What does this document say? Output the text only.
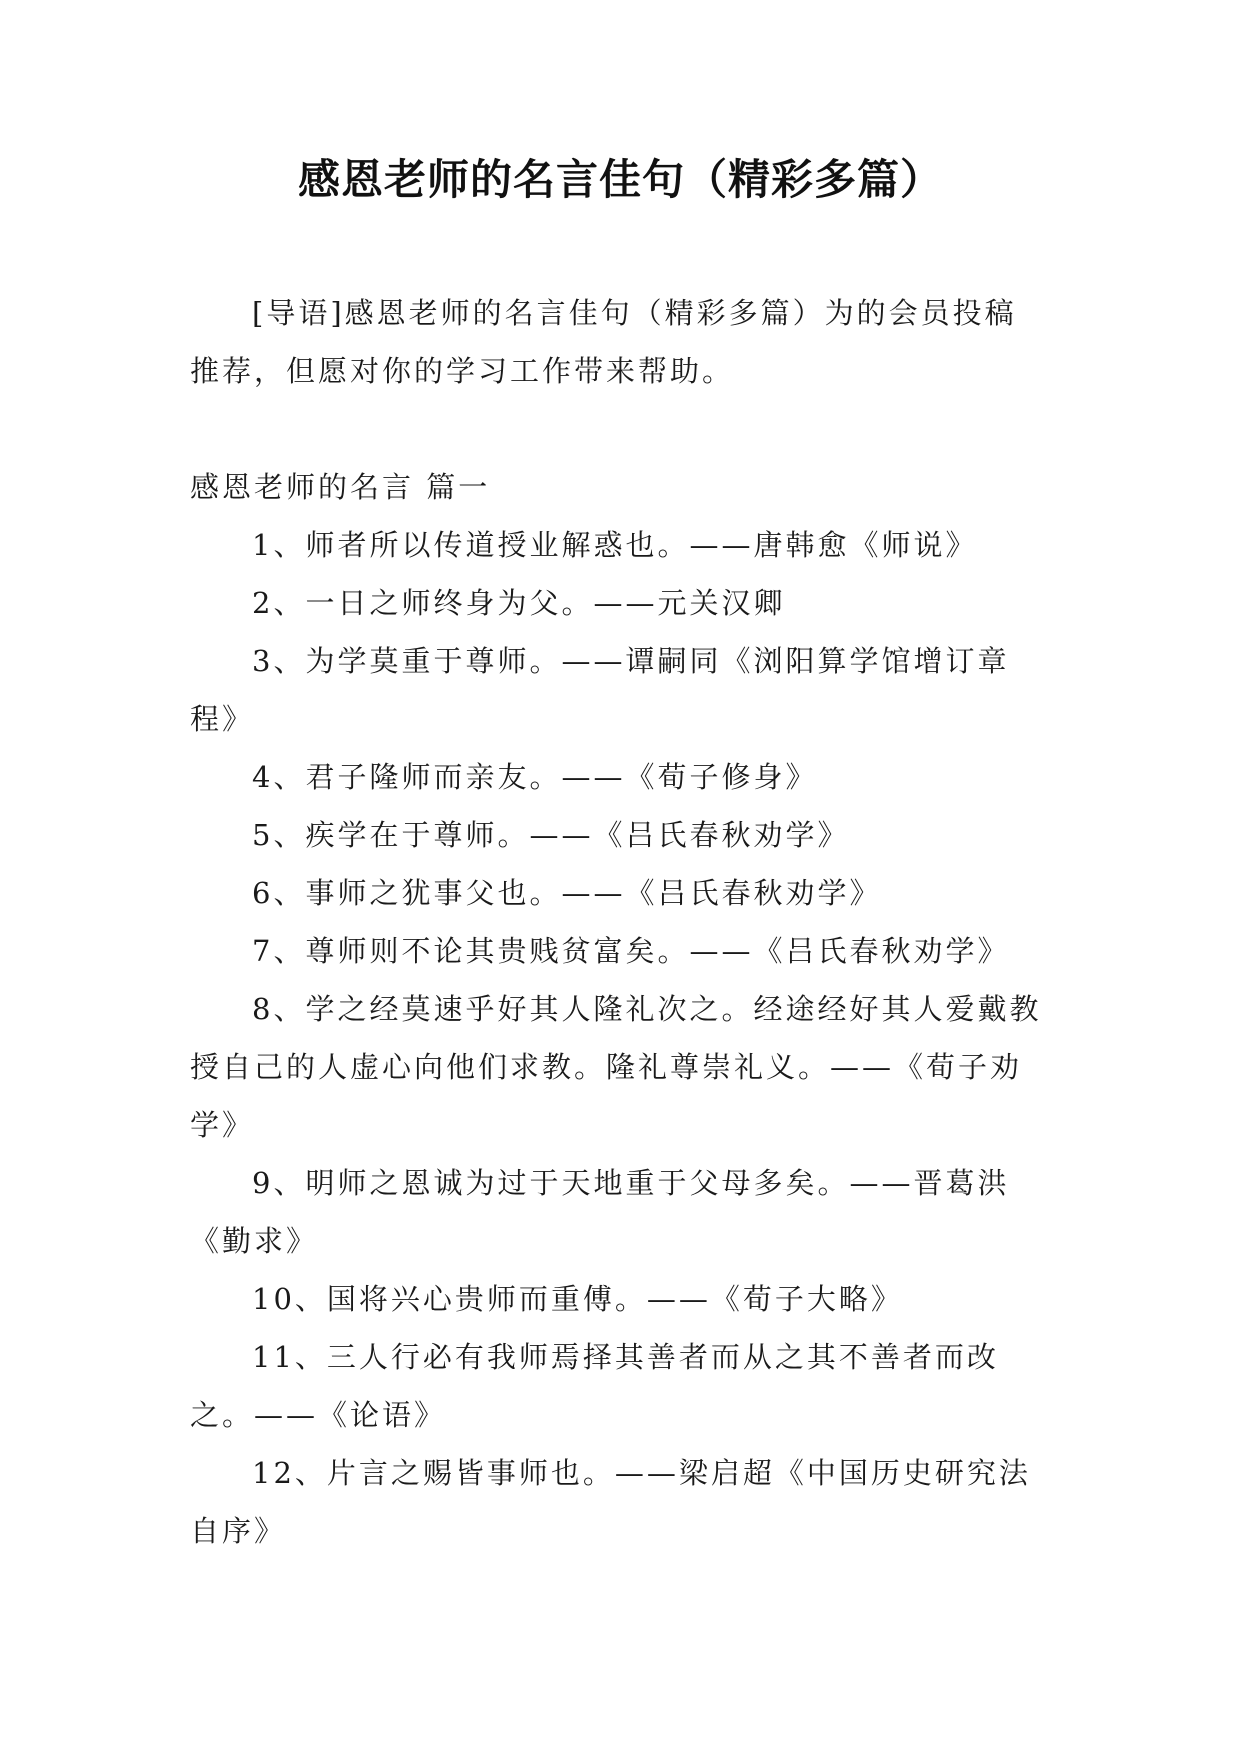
感恩老师的名言佳句（精彩多篇）

[导语]感恩老师的名言佳句（精彩多篇）为的会员投稿推荐，但愿对你的学习工作带来帮助。

感恩老师的名言 篇一

1、师者所以传道授业解惑也。——唐韩愈《师说》

2、一日之师终身为父。——元关汉卿

3、为学莫重于尊师。——谭嗣同《浏阳算学馆增订章程》

4、君子隆师而亲友。——《荀子修身》

5、疾学在于尊师。——《吕氏春秋劝学》

6、事师之犹事父也。——《吕氏春秋劝学》

7、尊师则不论其贵贱贫富矣。——《吕氏春秋劝学》

8、学之经莫速乎好其人隆礼次之。经途经好其人爱戴教授自己的人虚心向他们求教。隆礼尊崇礼义。——《荀子劝学》

9、明师之恩诚为过于天地重于父母多矣。——晋葛洪《勤求》

10、国将兴心贵师而重傅。——《荀子大略》

11、三人行必有我师焉择其善者而从之其不善者而改之。——《论语》

12、片言之赐皆事师也。——梁启超《中国历史研究法自序》
